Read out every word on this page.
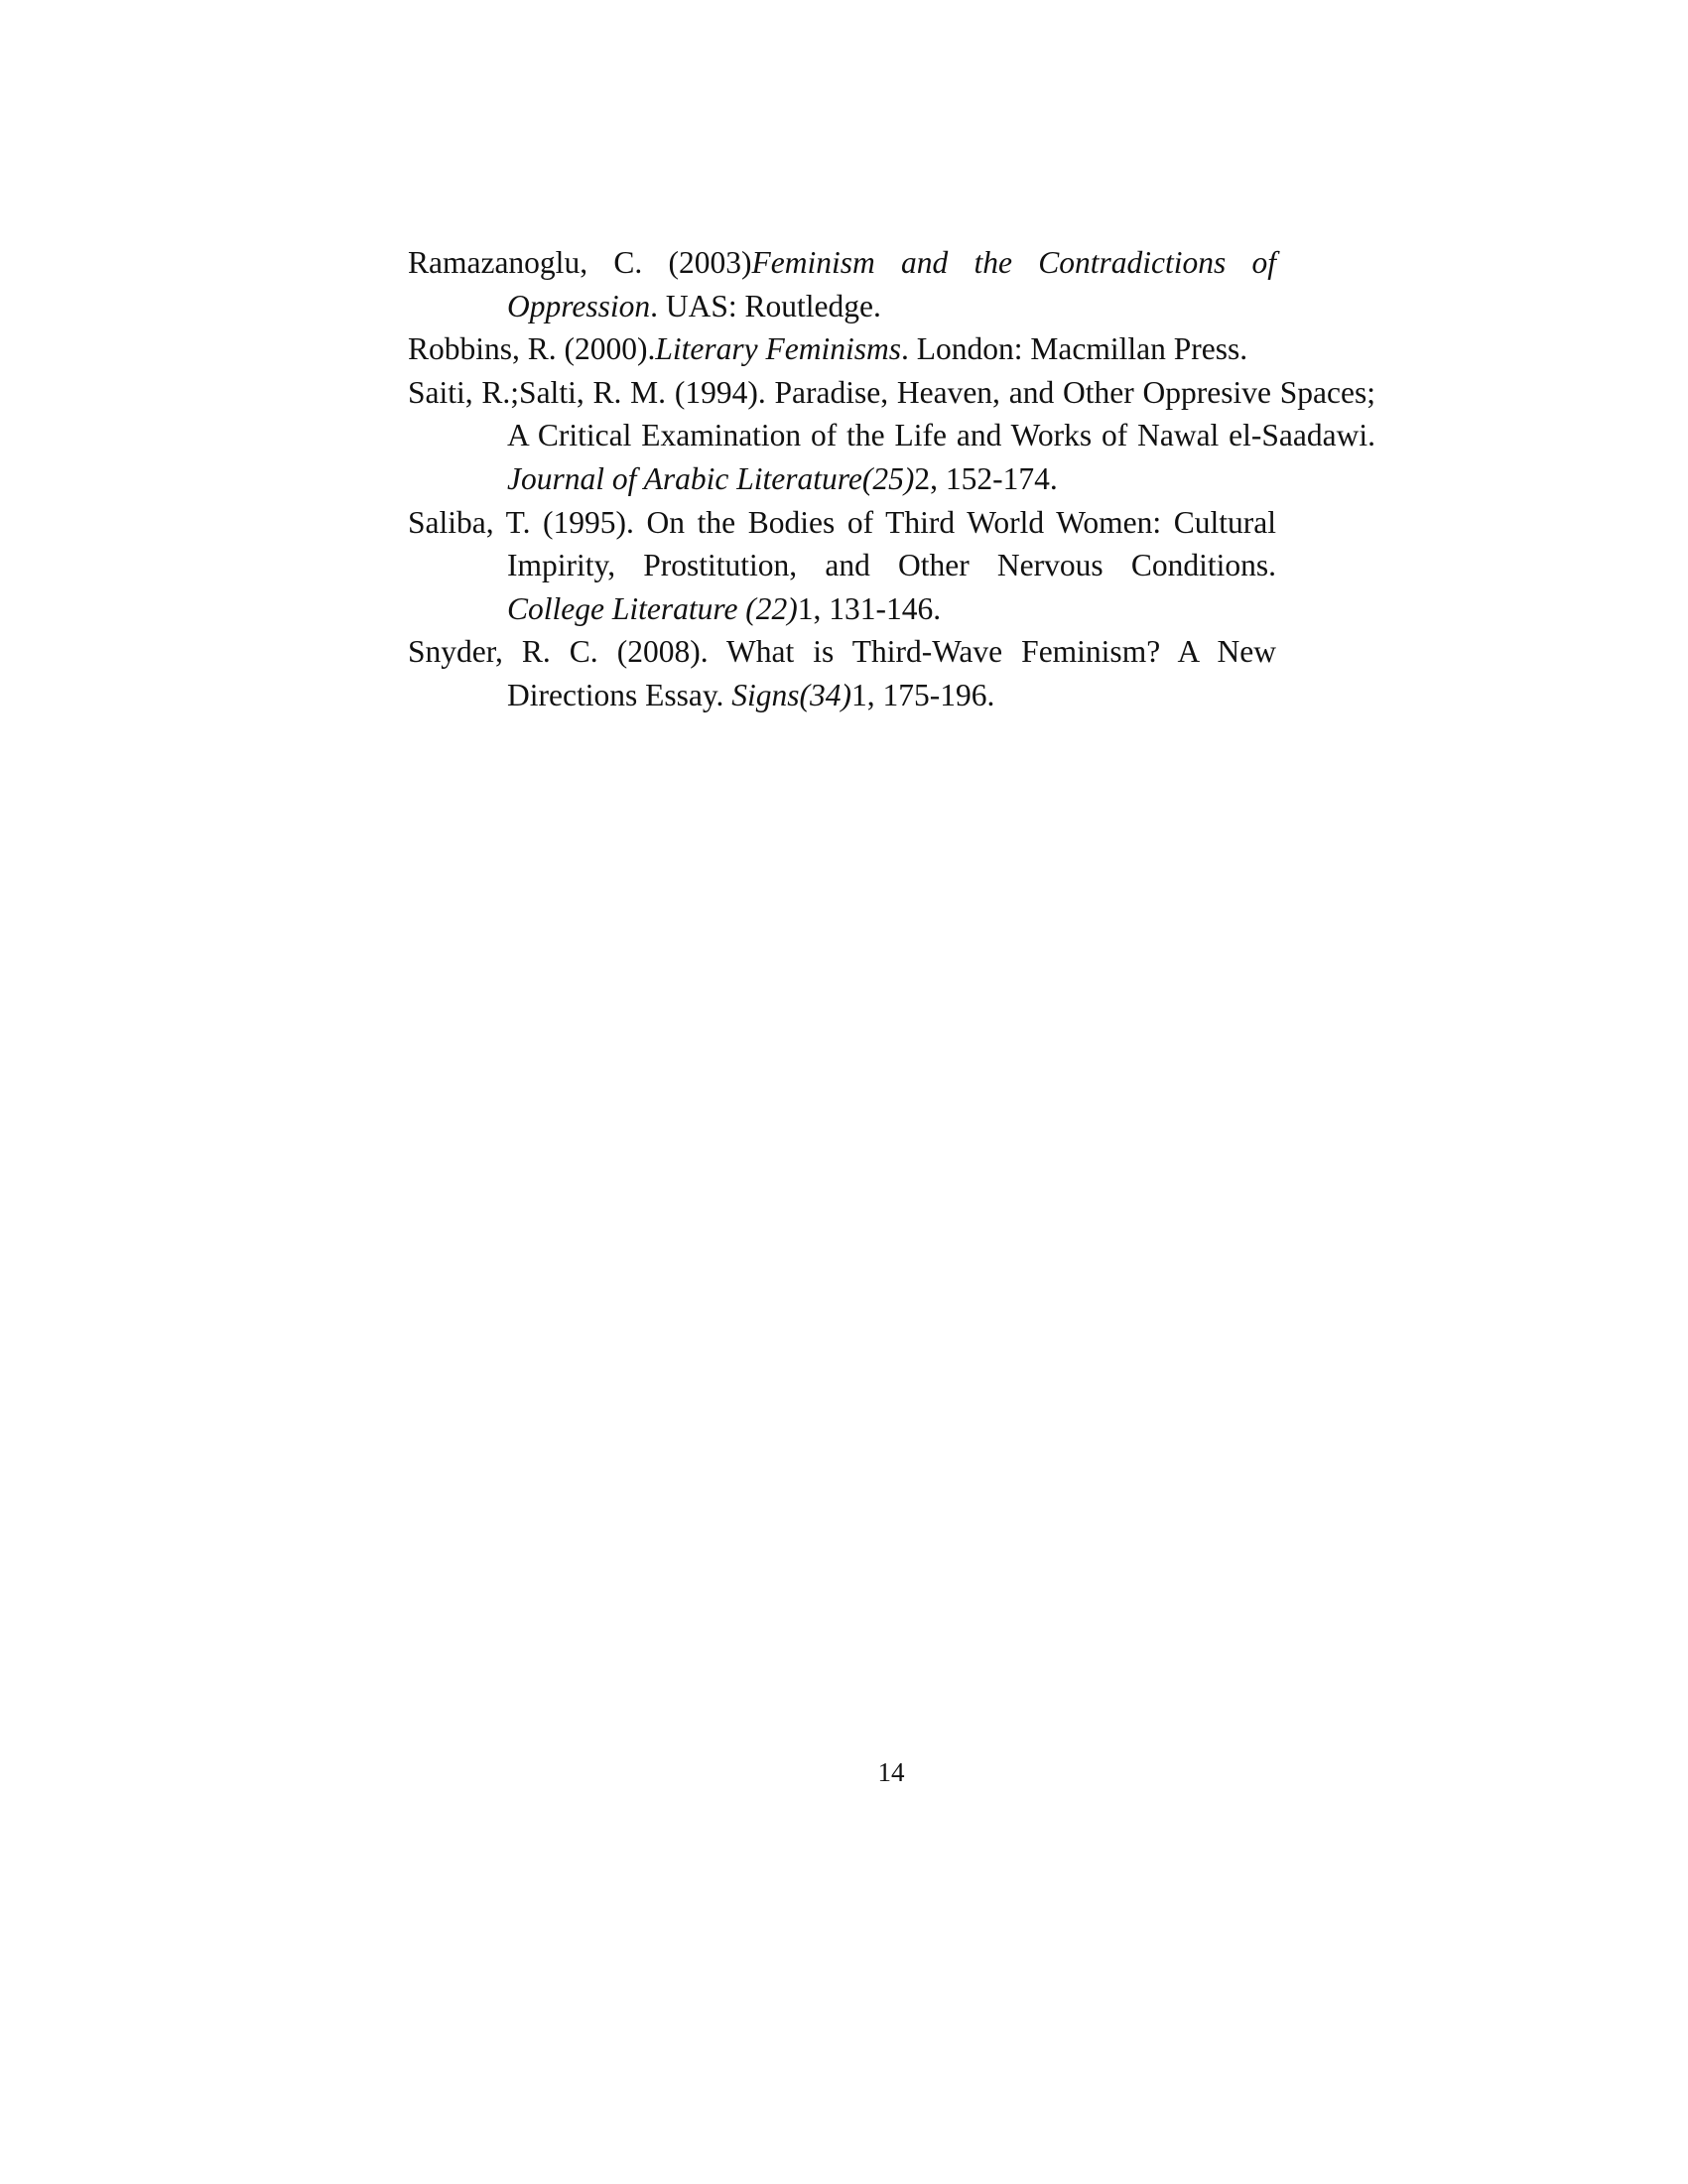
Ramazanoglu, C. (2003)Feminism and the Contradictions of Oppression. UAS: Routledge.

Robbins, R. (2000).Literary Feminisms. London: Macmillan Press.

Saiti, R.;Salti, R. M. (1994). Paradise, Heaven, and Other Oppresive Spaces; A Critical Examination of the Life and Works of Nawal el-Saadawi. Journal of Arabic Literature(25)2, 152-174.

Saliba, T. (1995). On the Bodies of Third World Women: Cultural Impirity, Prostitution, and Other Nervous Conditions. College Literature (22)1, 131-146.

Snyder, R. C. (2008). What is Third-Wave Feminism? A New Directions Essay. Signs(34)1, 175-196.

14
